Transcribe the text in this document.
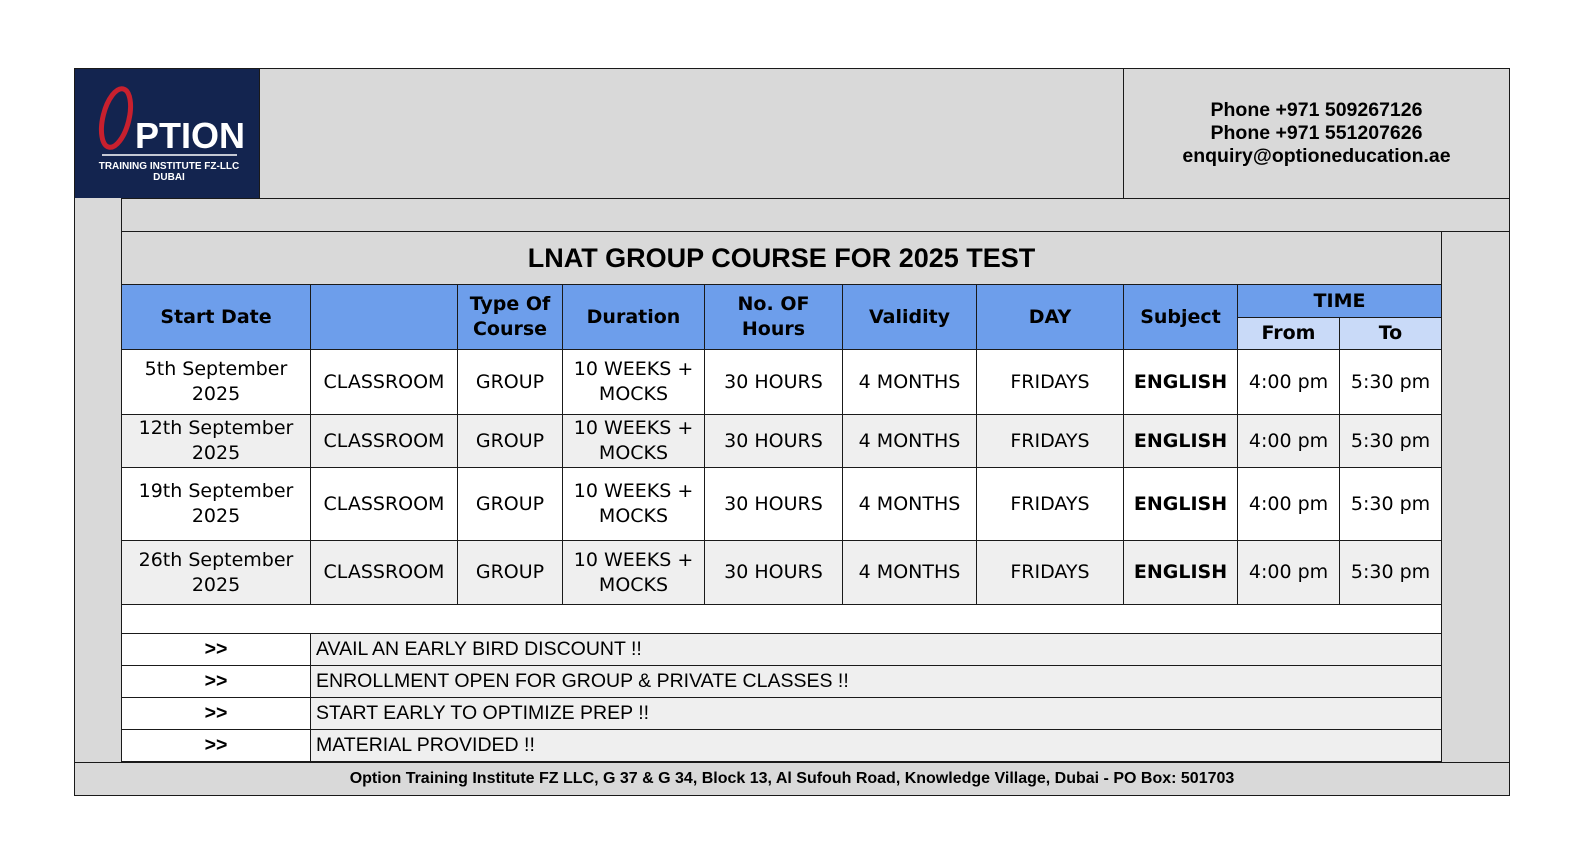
PTION
TRAINING INSTITUTE FZ-LLC
DUBAI
Phone +971 509267126
Phone +971 551207626
enquiry@optioneducation.ae
LNAT GROUP COURSE FOR 2025 TEST
Start Date		Type Of Course	Duration	No. OF Hours	Validity	DAY	Subject	TIME	
								From	To
5th September 2025	CLASSROOM	GROUP	10 WEEKS + MOCKS	30 HOURS	4 MONTHS	FRIDAYS	ENGLISH	4:00 pm	5:30 pm
12th September 2025	CLASSROOM	GROUP	10 WEEKS + MOCKS	30 HOURS	4 MONTHS	FRIDAYS	ENGLISH	4:00 pm	5:30 pm
19th September 2025	CLASSROOM	GROUP	10 WEEKS + MOCKS	30 HOURS	4 MONTHS	FRIDAYS	ENGLISH	4:00 pm	5:30 pm
26th September 2025	CLASSROOM	GROUP	10 WEEKS + MOCKS	30 HOURS	4 MONTHS	FRIDAYS	ENGLISH	4:00 pm	5:30 pm

>>	AVAIL AN EARLY BIRD DISCOUNT !!
>>	ENROLLMENT OPEN FOR GROUP & PRIVATE CLASSES !!
>>	START EARLY TO OPTIMIZE PREP !!
>>	MATERIAL PROVIDED !!
Option Training Institute FZ LLC, G 37 & G 34, Block 13, Al Sufouh Road, Knowledge Village, Dubai - PO Box: 501703
